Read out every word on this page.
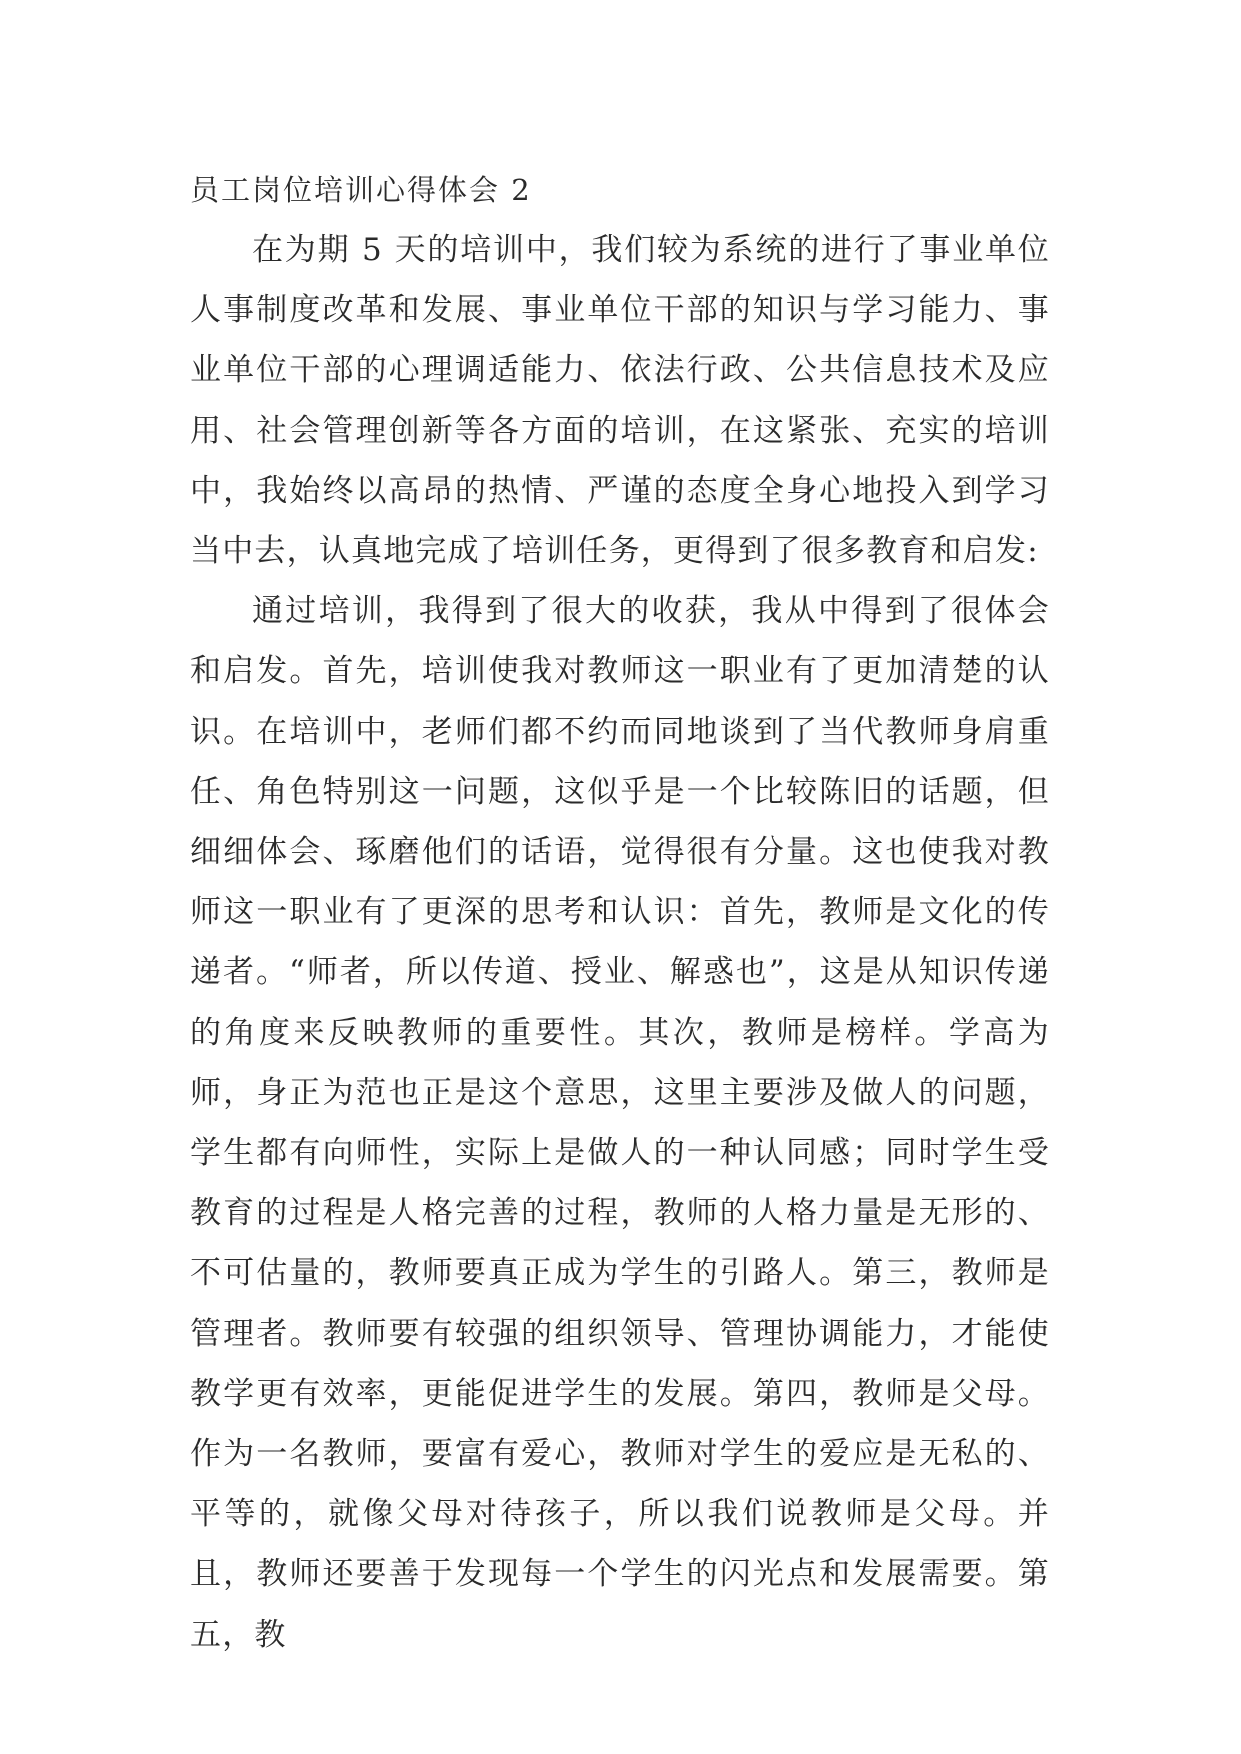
员工岗位培训心得体会 2

在为期 5 天的培训中，我们较为系统的进行了事业单位人事制度改革和发展、事业单位干部的知识与学习能力、事业单位干部的心理调适能力、依法行政、公共信息技术及应用、社会管理创新等各方面的培训，在这紧张、充实的培训中，我始终以高昂的热情、严谨的态度全身心地投入到学习当中去，认真地完成了培训任务，更得到了很多教育和启发:

通过培训，我得到了很大的收获，我从中得到了很体会和启发。首先，培训使我对教师这一职业有了更加清楚的认识。在培训中，老师们都不约而同地谈到了当代教师身肩重任、角色特别这一问题，这似乎是一个比较陈旧的话题，但细细体会、琢磨他们的话语，觉得很有分量。这也使我对教师这一职业有了更深的思考和认识：首先，教师是文化的传递者。“师者，所以传道、授业、解惑也”，这是从知识传递的角度来反映教师的重要性。其次，教师是榜样。学高为师，身正为范也正是这个意思，这里主要涉及做人的问题，学生都有向师性，实际上是做人的一种认同感；同时学生受教育的过程是人格完善的过程，教师的人格力量是无形的、不可估量的，教师要真正成为学生的引路人。第三，教师是管理者。教师要有较强的组织领导、管理协调能力，才能使教学更有效率，更能促进学生的发展。第四，教师是父母。作为一名教师，要富有爱心，教师对学生的爱应是无私的、平等的，就像父母对待孩子，所以我们说教师是父母。并且，教师还要善于发现每一个学生的闪光点和发展需要。第五，教
